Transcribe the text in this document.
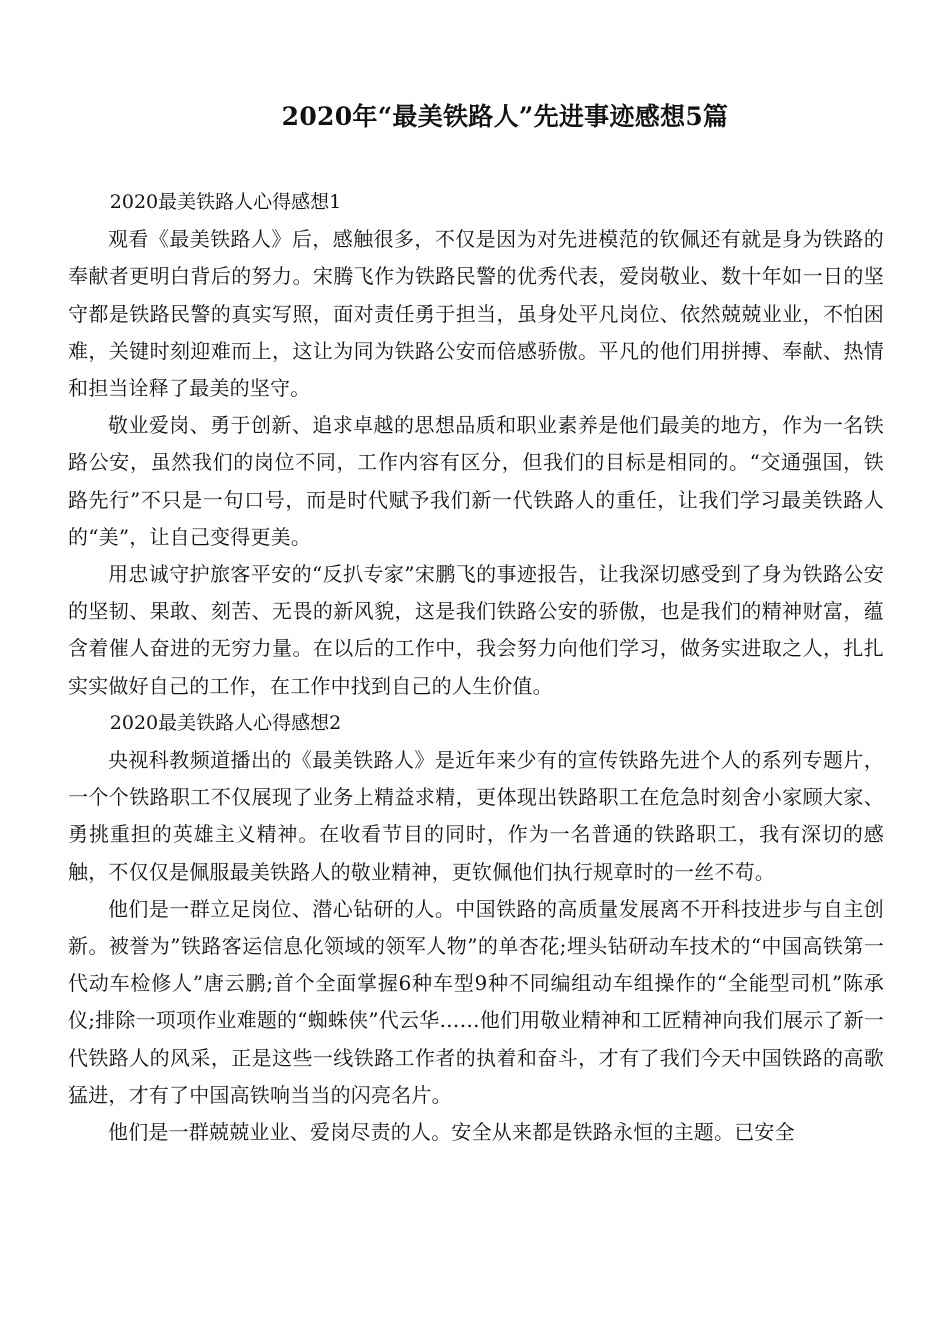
2020年“最美铁路人”先进事迹感想5篇

2020最美铁路人心得感想1

观看《最美铁路人》后，感触很多，不仅是因为对先进模范的钦佩还有就是身为铁路的奉献者更明白背后的努力。宋腾飞作为铁路民警的优秀代表，爱岗敬业、数十年如一日的坚守都是铁路民警的真实写照，面对责任勇于担当，虽身处平凡岗位、依然兢兢业业，不怕困难，关键时刻迎难而上，这让为同为铁路公安而倍感骄傲。平凡的他们用拼搏、奉献、热情和担当诠释了最美的坚守。

敬业爱岗、勇于创新、追求卓越的思想品质和职业素养是他们最美的地方，作为一名铁路公安，虽然我们的岗位不同，工作内容有区分，但我们的目标是相同的。“交通强国，铁路先行”不只是一句口号，而是时代赋予我们新一代铁路人的重任，让我们学习最美铁路人的“美”，让自己变得更美。

用忠诚守护旅客平安的“反扒专家”宋鹏飞的事迹报告，让我深切感受到了身为铁路公安的坚韧、果敢、刻苦、无畏的新风貌，这是我们铁路公安的骄傲，也是我们的精神财富，蕴含着催人奋进的无穷力量。在以后的工作中，我会努力向他们学习，做务实进取之人，扎扎实实做好自己的工作，在工作中找到自己的人生价值。

2020最美铁路人心得感想2

央视科教频道播出的《最美铁路人》是近年来少有的宣传铁路先进个人的系列专题片，一个个铁路职工不仅展现了业务上精益求精，更体现出铁路职工在危急时刻舍小家顾大家、勇挑重担的英雄主义精神。在收看节目的同时，作为一名普通的铁路职工，我有深切的感触，不仅仅是佩服最美铁路人的敬业精神，更钦佩他们执行规章时的一丝不苟。

他们是一群立足岗位、潜心钻研的人。中国铁路的高质量发展离不开科技进步与自主创新。被誉为”铁路客运信息化领域的领军人物”的单杏花;埋头钻研动车技术的“中国高铁第一代动车检修人”唐云鹏;首个全面掌握6种车型9种不同编组动车组操作的“全能型司机”陈承仪;排除一项项作业难题的“蜘蛛侠”代云华……他们用敬业精神和工匠精神向我们展示了新一代铁路人的风采，正是这些一线铁路工作者的执着和奋斗，才有了我们今天中国铁路的高歌猛进，才有了中国高铁响当当的闪亮名片。

他们是一群兢兢业业、爱岗尽责的人。安全从来都是铁路永恒的主题。已安全
